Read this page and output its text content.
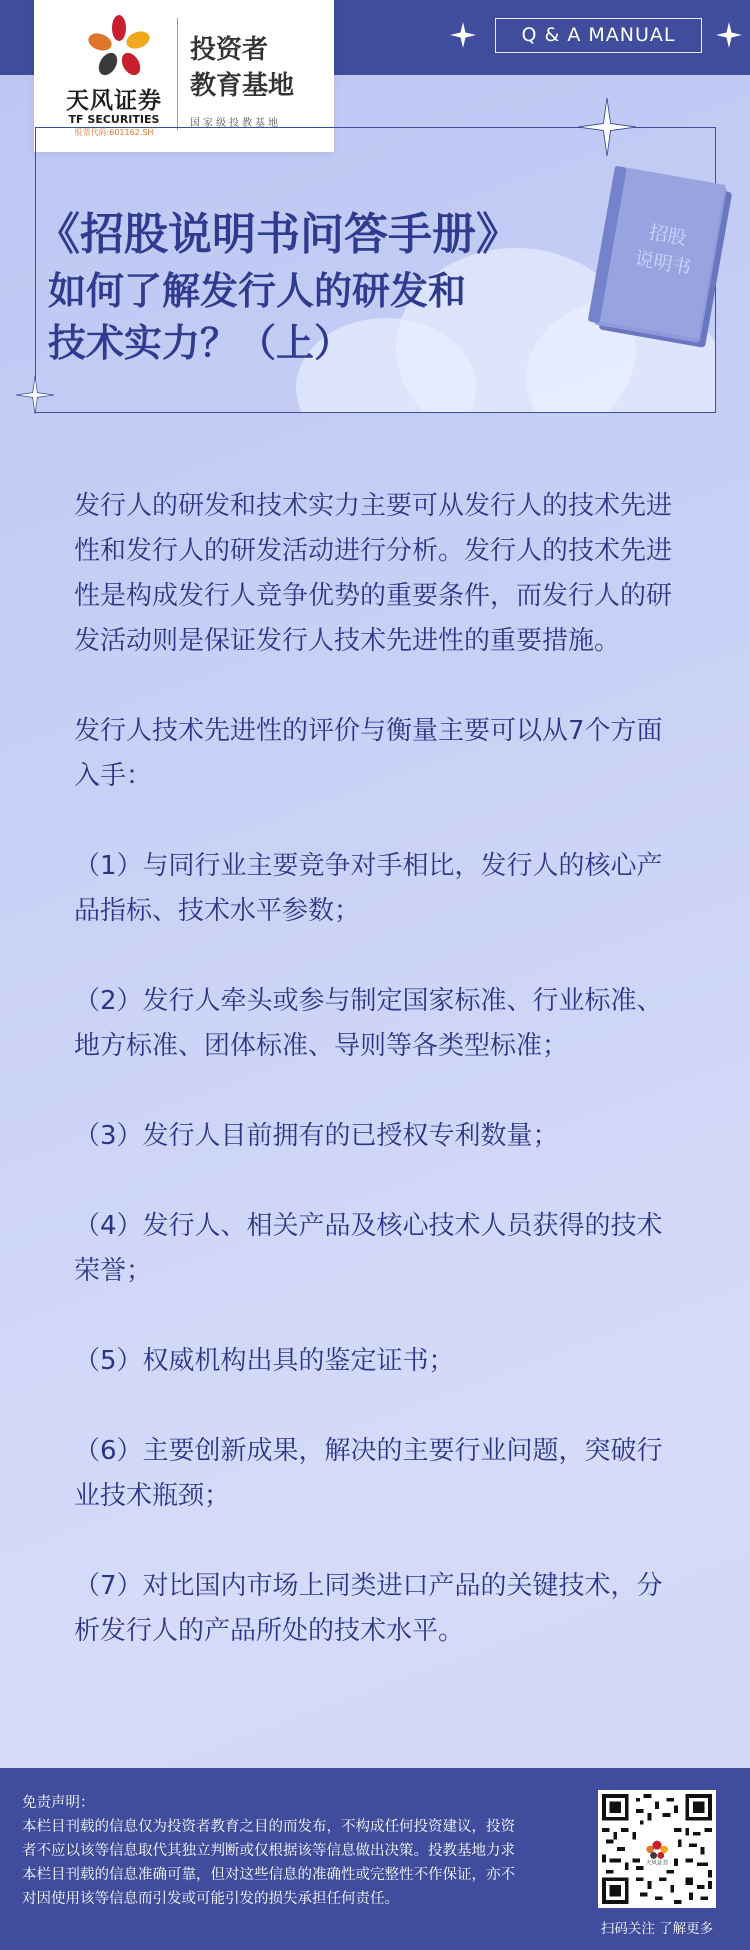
天风证券
TF SECURITIES
股票代码:601162.SH
投资者
教育基地
国家级投教基地
Q & A MANUAL
《招股说明书问答手册》
如何了解发行人的研发和
技术实力？（上）
招股
说明书

发行人的研发和技术实力主要可从发行人的技术先进性和发行人的研发活动进行分析。发行人的技术先进性是构成发行人竞争优势的重要条件，而发行人的研发活动则是保证发行人技术先进性的重要措施。

发行人技术先进性的评价与衡量主要可以从7个方面入手：

（1）与同行业主要竞争对手相比，发行人的核心产品指标、技术水平参数；

（2）发行人牵头或参与制定国家标准、行业标准、地方标准、团体标准、导则等各类型标准；

（3）发行人目前拥有的已授权专利数量；

（4）发行人、相关产品及核心技术人员获得的技术荣誉；

（5）权威机构出具的鉴定证书；

（6）主要创新成果，解决的主要行业问题，突破行业技术瓶颈；

（7）对比国内市场上同类进口产品的关键技术，分析发行人的产品所处的技术水平。

免责声明：
本栏目刊载的信息仅为投资者教育之目的而发布，不构成任何投资建议，投资
者不应以该等信息取代其独立判断或仅根据该等信息做出决策。投教基地力求
本栏目刊载的信息准确可靠，但对这些信息的准确性或完整性不作保证，亦不
对因使用该等信息而引发或可能引发的损失承担任何责任。
天风证券
扫码关注 了解更多
